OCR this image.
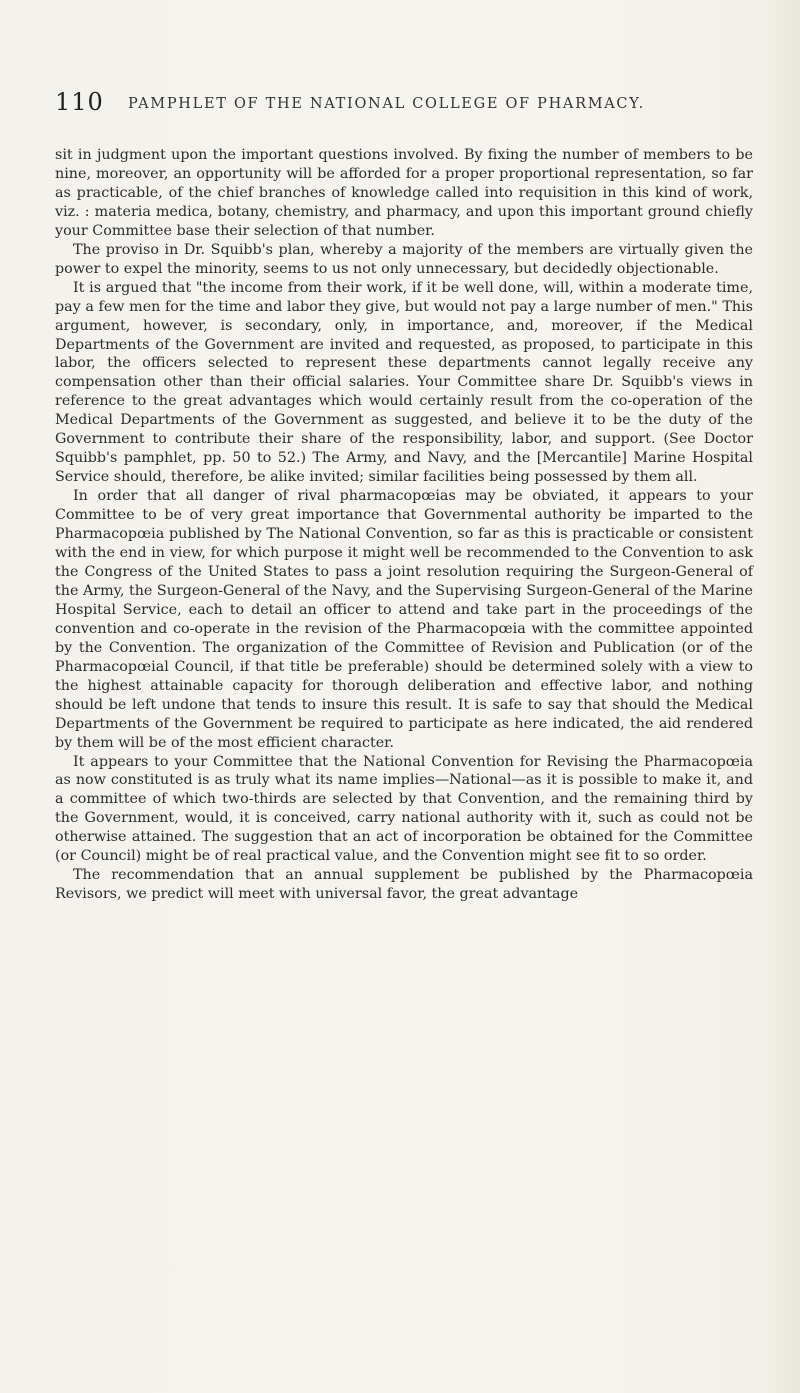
110 PAMPHLET OF THE NATIONAL COLLEGE OF PHARMACY.

sit in judgment upon the important questions involved. By fixing the number of members to be nine, moreover, an opportunity will be afforded for a proper proportional representation, so far as practicable, of the chief branches of knowledge called into requisition in this kind of work, viz. : materia medica, botany, chemistry, and pharmacy, and upon this important ground chiefly your Committee base their selection of that number.

The proviso in Dr. Squibb's plan, whereby a majority of the members are virtually given the power to expel the minority, seems to us not only unnecessary, but decidedly objectionable.

It is argued that "the income from their work, if it be well done, will, within a moderate time, pay a few men for the time and labor they give, but would not pay a large number of men." This argument, however, is secondary, only, in importance, and, moreover, if the Medical Departments of the Government are invited and requested, as proposed, to participate in this labor, the officers selected to represent these departments cannot legally receive any compensation other than their official salaries. Your Committee share Dr. Squibb's views in reference to the great advantages which would certainly result from the co-operation of the Medical Departments of the Government as suggested, and believe it to be the duty of the Government to contribute their share of the responsibility, labor, and support. (See Doctor Squibb's pamphlet, pp. 50 to 52.) The Army, and Navy, and the [Mercantile] Marine Hospital Service should, therefore, be alike invited; similar facilities being possessed by them all.

In order that all danger of rival pharmacopœias may be obviated, it appears to your Committee to be of very great importance that Governmental authority be imparted to the Pharmacopœia published by The National Convention, so far as this is practicable or consistent with the end in view, for which purpose it might well be recommended to the Convention to ask the Congress of the United States to pass a joint resolution requiring the Surgeon-General of the Army, the Surgeon-General of the Navy, and the Supervising Surgeon-General of the Marine Hospital Service, each to detail an officer to attend and take part in the proceedings of the convention and co-operate in the revision of the Pharmacopœia with the committee appointed by the Convention. The organization of the Committee of Revision and Publication (or of the Pharmacopœial Council, if that title be preferable) should be determined solely with a view to the highest attainable capacity for thorough deliberation and effective labor, and nothing should be left undone that tends to insure this result. It is safe to say that should the Medical Departments of the Government be required to participate as here indicated, the aid rendered by them will be of the most efficient character.

It appears to your Committee that the National Convention for Revising the Pharmacopœia as now constituted is as truly what its name implies—National—as it is possible to make it, and a committee of which two-thirds are selected by that Convention, and the remaining third by the Government, would, it is conceived, carry national authority with it, such as could not be otherwise attained. The suggestion that an act of incorporation be obtained for the Committee (or Council) might be of real practical value, and the Convention might see fit to so order.

The recommendation that an annual supplement be published by the Pharmacopœia Revisors, we predict will meet with universal favor, the great advantage
